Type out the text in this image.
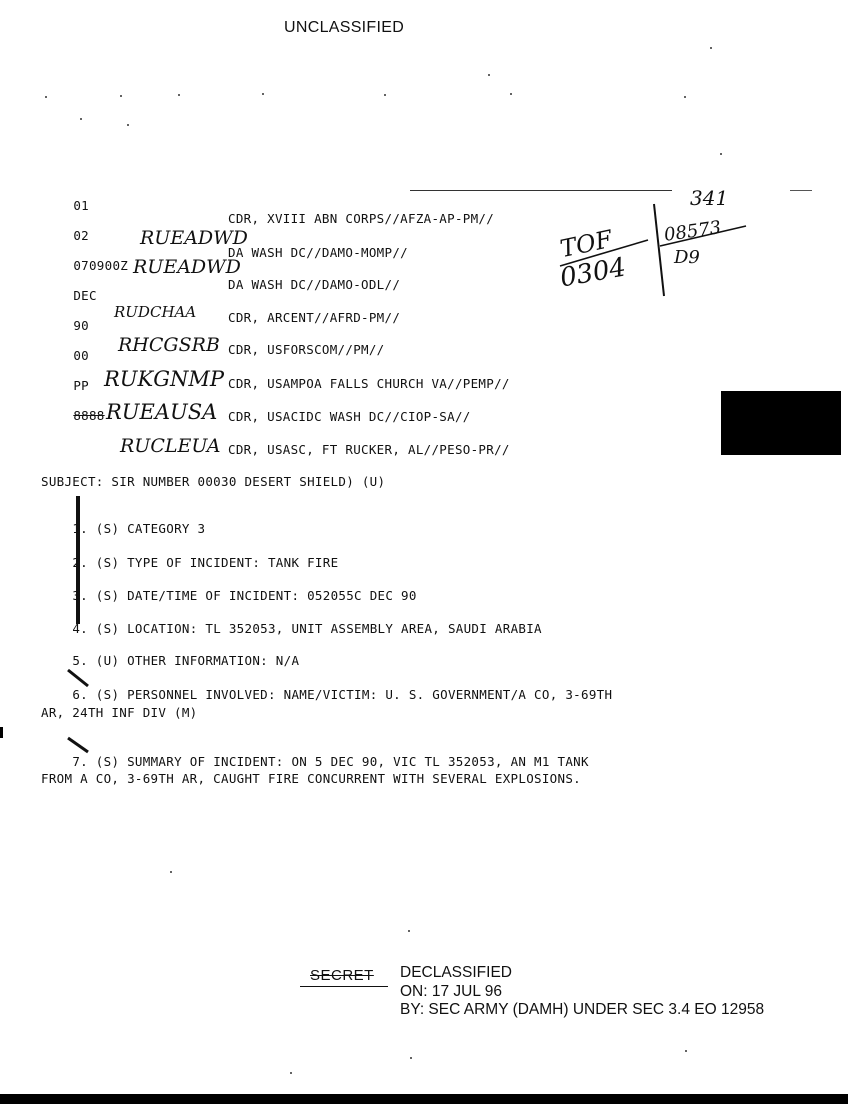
UNCLASSIFIED

01

02

070900Z

DEC

90

00

PP

8888

CDR, XVIII ABN CORPS//AFZA-AP-PM//
RUEADWD
DA WASH DC//DAMO-MOMP//
RUEADWD
DA WASH DC//DAMO-ODL//
RUDCHAA	CDR, ARCENT//AFRD-PM//
RHCGSRB CDR, USFORSCOM//PM//
RUKGNMP CDR, USAMPOA FALLS CHURCH VA//PEMP//
RUEAUSA CDR, USACIDC WASH DC//CIOP-SA//
RUCLEUA CDR, USASC, FT RUCKER, AL//PESO-PR//
341
TOF
0304
08573
D9
SUBJECT: SIR NUMBER 00030 DESERT SHIELD) (U)

1. (S) CATEGORY 3

2. (S) TYPE OF INCIDENT: TANK FIRE

3. (S) DATE/TIME OF INCIDENT: 052055C DEC 90

4. (S) LOCATION: TL 352053, UNIT ASSEMBLY AREA, SAUDI ARABIA

5. (U) OTHER INFORMATION: N/A

6. (S) PERSONNEL INVOLVED: NAME/VICTIM: U. S. GOVERNMENT/A CO, 3-69TH

AR, 24TH INF DIV (M)

7. (S) SUMMARY OF INCIDENT: ON 5 DEC 90, VIC TL 352053, AN M1 TANK

FROM A CO, 3-69TH AR, CAUGHT FIRE CONCURRENT WITH SEVERAL EXPLOSIONS.
SECRET DECLASSIFIED
ON: 17 JUL 96
BY: SEC ARMY (DAMH) UNDER SEC 3.4 EO 12958
